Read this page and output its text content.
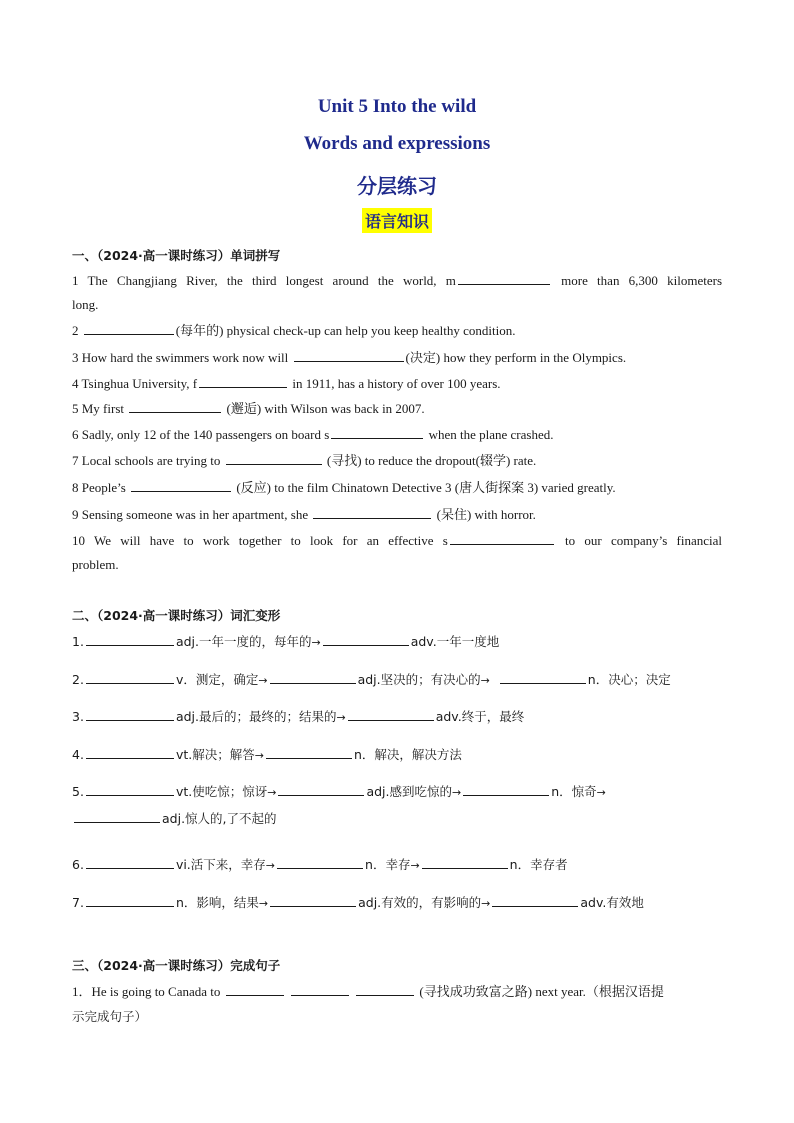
Unit 5 Into the wild
Words and expressions
分层练习
语言知识
一、（2024·高一课时练习）单词拼写
1 The Changjiang River, the third longest around the world, m	more than 6,300 kilometers
long.
2	(每年的) physical check-up can help you keep healthy condition.
3 How hard the swimmers work now will	(决定) how they perform in the Olympics.
4 Tsinghua University, f	in 1911, has a history of over 100 years.
5 My first	(邂逅) with Wilson was back in 2007.
6 Sadly, only 12 of the 140 passengers on board s	when the plane crashed.
7 Local schools are trying to	(寻找) to reduce the dropout(辍学) rate.
8 People’s	(反应) to the film Chinatown Detective 3 (唐人街探案 3) varied greatly.
9 Sensing someone was in her apartment, she	(呆住) with horror.
10 We will have to work together to look for an effective s	to our company’s financial
problem.
二、（2024·高一课时练习）词汇变形
1.	adj.一年一度的，每年的→	adv.一年一度地
2.	v．测定，确定→	adj.坚决的；有决心的→	n．决心；决定
3.	adj.最后的；最终的；结果的→	adv.终于，最终
4.	vt.解决；解答→	n．解决，解决方法
5.	vt.使吃惊；惊讶→	adj.感到吃惊的→	n．惊奇→
adj.惊人的,了不起的
6.	vi.活下来，幸存→	n．幸存→	n．幸存者
7.	n．影响，结果→	adj.有效的，有影响的→	adv.有效地
三、（2024·高一课时练习）完成句子
1．He is going to Canada to	(寻找成功致富之路) next year.（根据汉语提
示完成句子）
